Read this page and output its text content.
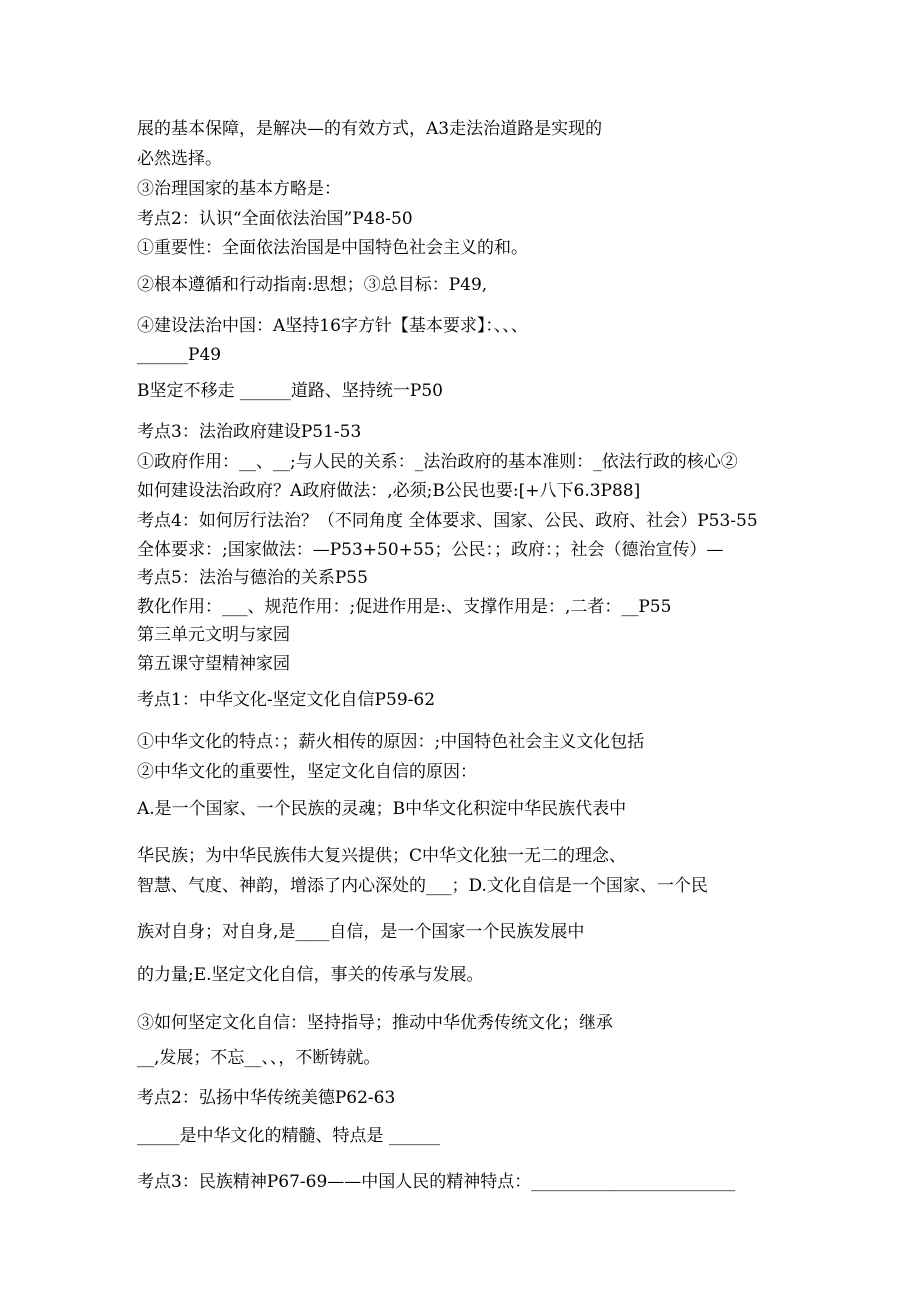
展的基本保障，是解决—的有效方式，A3走法治道路是实现的

必然选择。

③治理国家的基本方略是：

考点2：认识“全面依法治国”P48-50

①重要性：全面依法治国是中国特色社会主义的和。

②根本遵循和行动指南:思想；③总目标：P49,

④建设法治中国：A坚持16字方针【基本要求】：、、、

______P49

B坚定不移走 ______道路、坚持统一P50

考点3：法治政府建设P51-53

①政府作用：__、__;与人民的关系：_法治政府的基本准则：_依法行政的核心②

如何建设法治政府？A政府做法：,必须;B公民也要:[+八下6.3P88]

考点4：如何厉行法治？（不同角度 全体要求、国家、公民、政府、社会）P53-55

全体要求：;国家做法：—P53+50+55；公民：；政府：；社会（德治宣传）—

考点5：法治与德治的关系P55

教化作用：___、规范作用：;促进作用是:、支撑作用是：,二者：__P55

第三单元文明与家园

第五课守望精神家园

考点1：中华文化-坚定文化自信P59-62

①中华文化的特点：；薪火相传的原因：;中国特色社会主义文化包括

②中华文化的重要性，坚定文化自信的原因：

A.是一个国家、一个民族的灵魂；B中华文化积淀中华民族代表中

华民族；为中华民族伟大复兴提供；C中华文化独一无二的理念、

智慧、气度、神韵，增添了内心深处的___；D.文化自信是一个国家、一个民

族对自身；对自身,是____自信，是一个国家一个民族发展中

的力量;E.坚定文化自信，事关的传承与发展。

③如何坚定文化自信：坚持指导；推动中华优秀传统文化；继承

__,发展；不忘__、、，不断铸就。

考点2：弘扬中华传统美德P62-63

_____是中华文化的精髓、特点是 ______

考点3：民族精神P67-69——中国人民的精神特点：________________________
